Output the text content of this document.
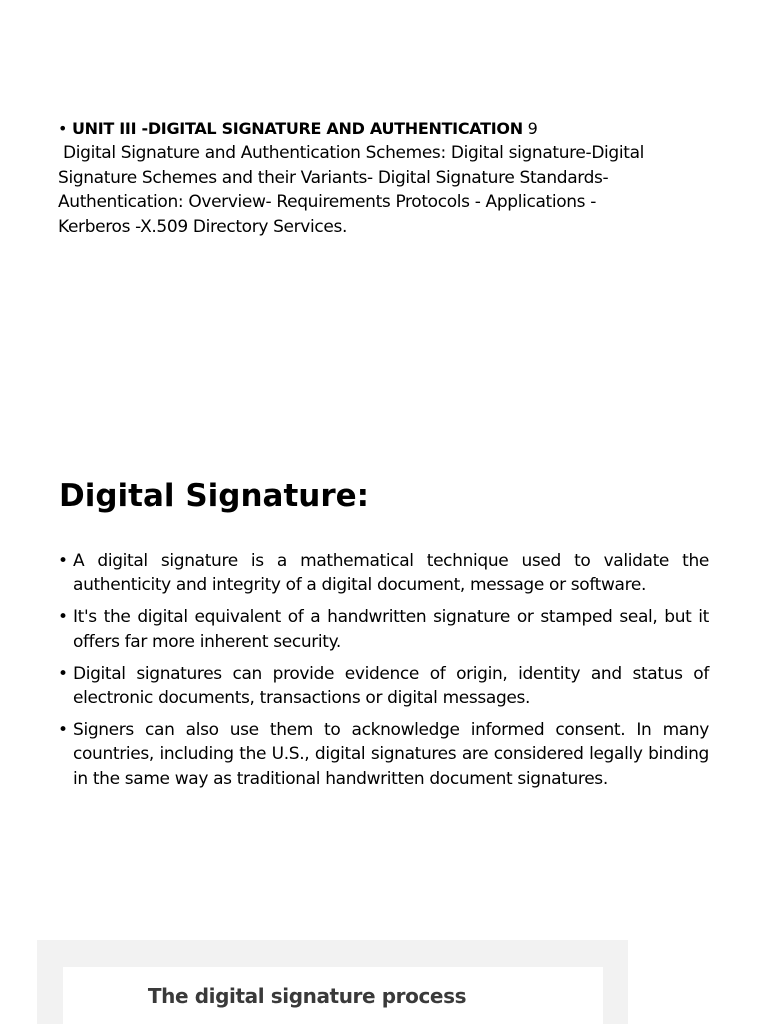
• UNIT III -DIGITAL SIGNATURE AND AUTHENTICATION 9
Digital Signature and Authentication Schemes: Digital signature-Digital
Signature Schemes and their Variants- Digital Signature Standards-
Authentication: Overview- Requirements Protocols - Applications -
Kerberos -X.509 Directory Services.
Digital Signature:
• A digital signature is a mathematical technique used to validate the authenticity and integrity of a digital document, message or software.
• It's the digital equivalent of a handwritten signature or stamped seal, but it offers far more inherent security.
• Digital signatures can provide evidence of origin, identity and status of electronic documents, transactions or digital messages.
• Signers can also use them to acknowledge informed consent. In many countries, including the U.S., digital signatures are considered legally binding in the same way as traditional handwritten document signatures.
The digital signature process
